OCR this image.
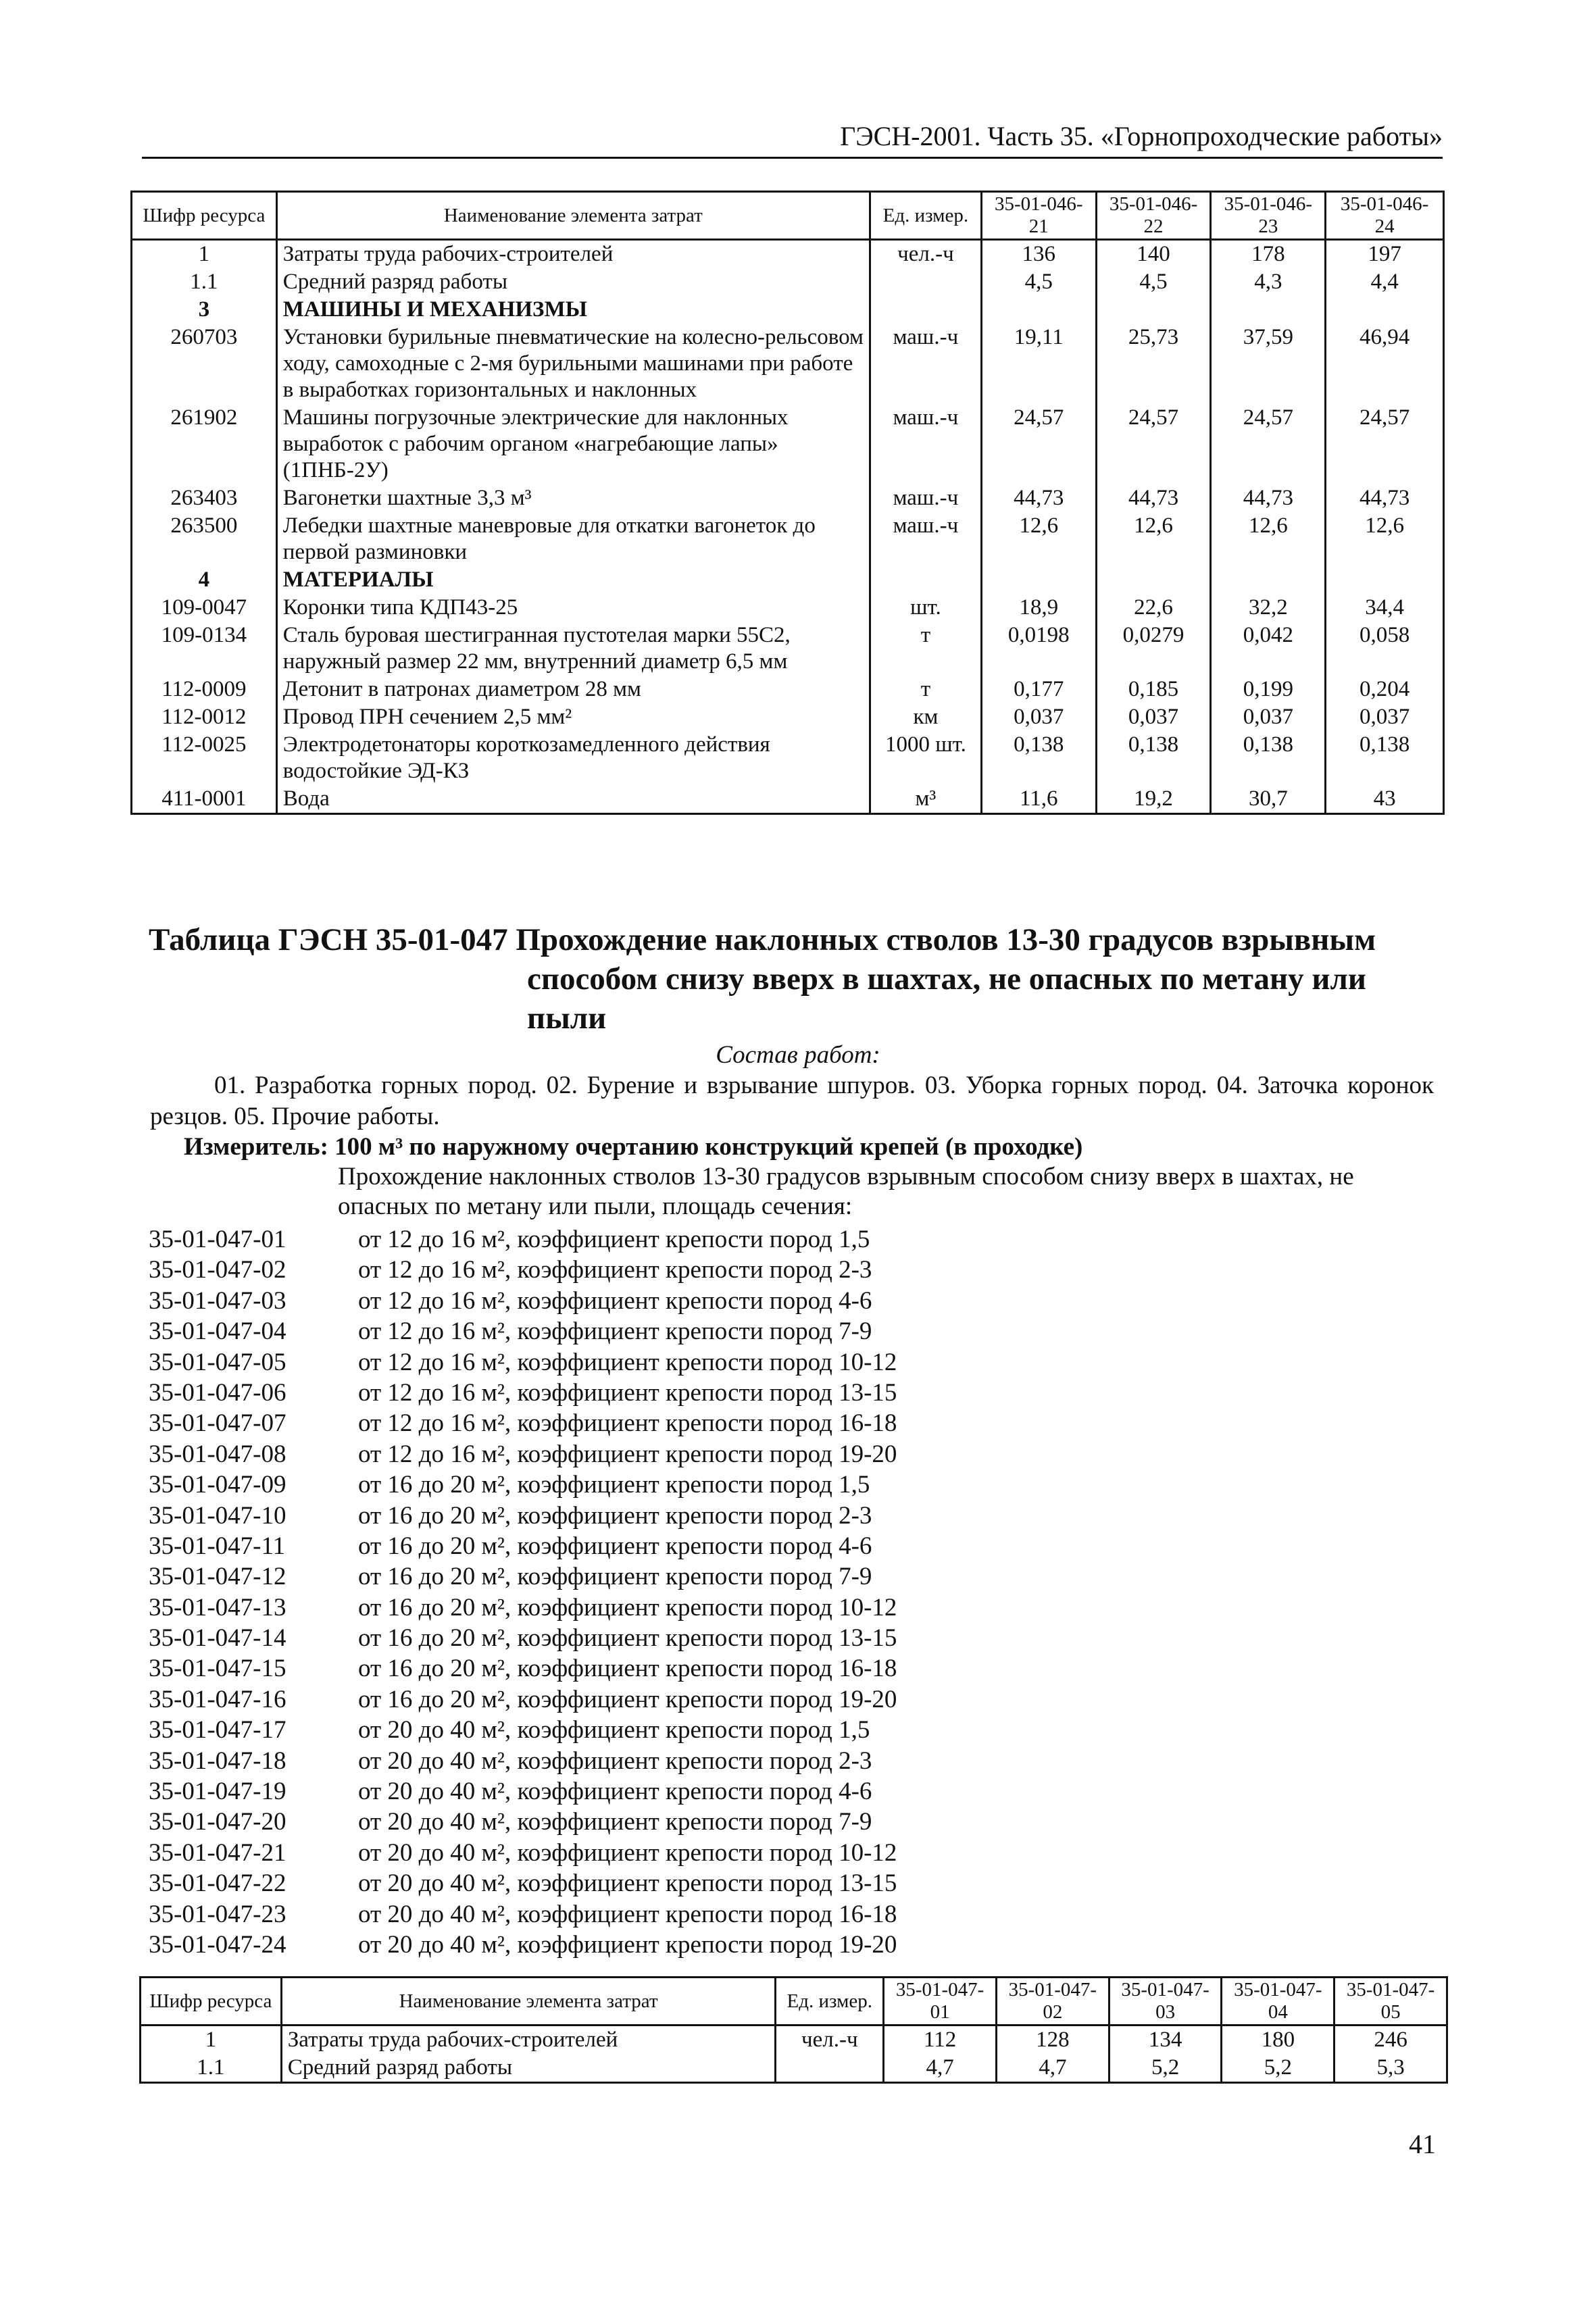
ГЭСН-2001. Часть 35. «Горнопроходческие работы»
Шифр ресурса	Наименование элемента затрат	Ед. измер.	35-01-046-21	35-01-046-22	35-01-046-23	35-01-046-24
1	Затраты труда рабочих-строителей	чел.-ч	136	140	178	197
1.1	Средний разряд работы		4,5	4,5	4,3	4,4
3	МАШИНЫ И МЕХАНИЗМЫ					
260703	Установки бурильные пневматические на колесно-рельсовом ходу, самоходные с 2-мя бурильными машинами при работе в выработках горизонтальных и наклонных	маш.-ч	19,11	25,73	37,59	46,94
261902	Машины погрузочные электрические для наклонных выработок с рабочим органом «нагребающие лапы» (1ПНБ-2У)	маш.-ч	24,57	24,57	24,57	24,57
263403	Вагонетки шахтные 3,3 м³	маш.-ч	44,73	44,73	44,73	44,73
263500	Лебедки шахтные маневровые для откатки вагонеток до первой разминовки	маш.-ч	12,6	12,6	12,6	12,6
4	МАТЕРИАЛЫ					
109-0047	Коронки типа КДП43-25	шт.	18,9	22,6	32,2	34,4
109-0134	Сталь буровая шестигранная пустотелая марки 55С2, наружный размер 22 мм, внутренний диаметр 6,5 мм	т	0,0198	0,0279	0,042	0,058
112-0009	Детонит в патронах диаметром 28 мм	т	0,177	0,185	0,199	0,204
112-0012	Провод ПРН сечением 2,5 мм²	км	0,037	0,037	0,037	0,037
112-0025	Электродетонаторы короткозамедленного действия водостойкие ЭД-КЗ	1000 шт.	0,138	0,138	0,138	0,138
411-0001	Вода	м³	11,6	19,2	30,7	43
Таблица ГЭСН 35-01-047 Прохождение наклонных стволов 13-30 градусов взрывным
способом снизу вверх в шахтах, не опасных по метану или
пыли
Состав работ:
01. Разработка горных пород. 02. Бурение и взрывание шпуров. 03. Уборка горных пород. 04. Заточка коронок резцов. 05. Прочие работы.
Измеритель: 100 м³ по наружному очертанию конструкций крепей (в проходке)
Прохождение наклонных стволов 13-30 градусов взрывным способом снизу вверх в шахтах, не опасных по метану или пыли, площадь сечения:
35-01-047-01	от 12 до 16 м², коэффициент крепости пород 1,5
35-01-047-02	от 12 до 16 м², коэффициент крепости пород 2-3
35-01-047-03	от 12 до 16 м², коэффициент крепости пород 4-6
35-01-047-04	от 12 до 16 м², коэффициент крепости пород 7-9
35-01-047-05	от 12 до 16 м², коэффициент крепости пород 10-12
35-01-047-06	от 12 до 16 м², коэффициент крепости пород 13-15
35-01-047-07	от 12 до 16 м², коэффициент крепости пород 16-18
35-01-047-08	от 12 до 16 м², коэффициент крепости пород 19-20
35-01-047-09	от 16 до 20 м², коэффициент крепости пород 1,5
35-01-047-10	от 16 до 20 м², коэффициент крепости пород 2-3
35-01-047-11	от 16 до 20 м², коэффициент крепости пород 4-6
35-01-047-12	от 16 до 20 м², коэффициент крепости пород 7-9
35-01-047-13	от 16 до 20 м², коэффициент крепости пород 10-12
35-01-047-14	от 16 до 20 м², коэффициент крепости пород 13-15
35-01-047-15	от 16 до 20 м², коэффициент крепости пород 16-18
35-01-047-16	от 16 до 20 м², коэффициент крепости пород 19-20
35-01-047-17	от 20 до 40 м², коэффициент крепости пород 1,5
35-01-047-18	от 20 до 40 м², коэффициент крепости пород 2-3
35-01-047-19	от 20 до 40 м², коэффициент крепости пород 4-6
35-01-047-20	от 20 до 40 м², коэффициент крепости пород 7-9
35-01-047-21	от 20 до 40 м², коэффициент крепости пород 10-12
35-01-047-22	от 20 до 40 м², коэффициент крепости пород 13-15
35-01-047-23	от 20 до 40 м², коэффициент крепости пород 16-18
35-01-047-24	от 20 до 40 м², коэффициент крепости пород 19-20
Шифр ресурса	Наименование элемента затрат	Ед. измер.	35-01-047-01	35-01-047-02	35-01-047-03	35-01-047-04	35-01-047-05
1	Затраты труда рабочих-строителей	чел.-ч	112	128	134	180	246
1.1	Средний разряд работы		4,7	4,7	5,2	5,2	5,3
41
